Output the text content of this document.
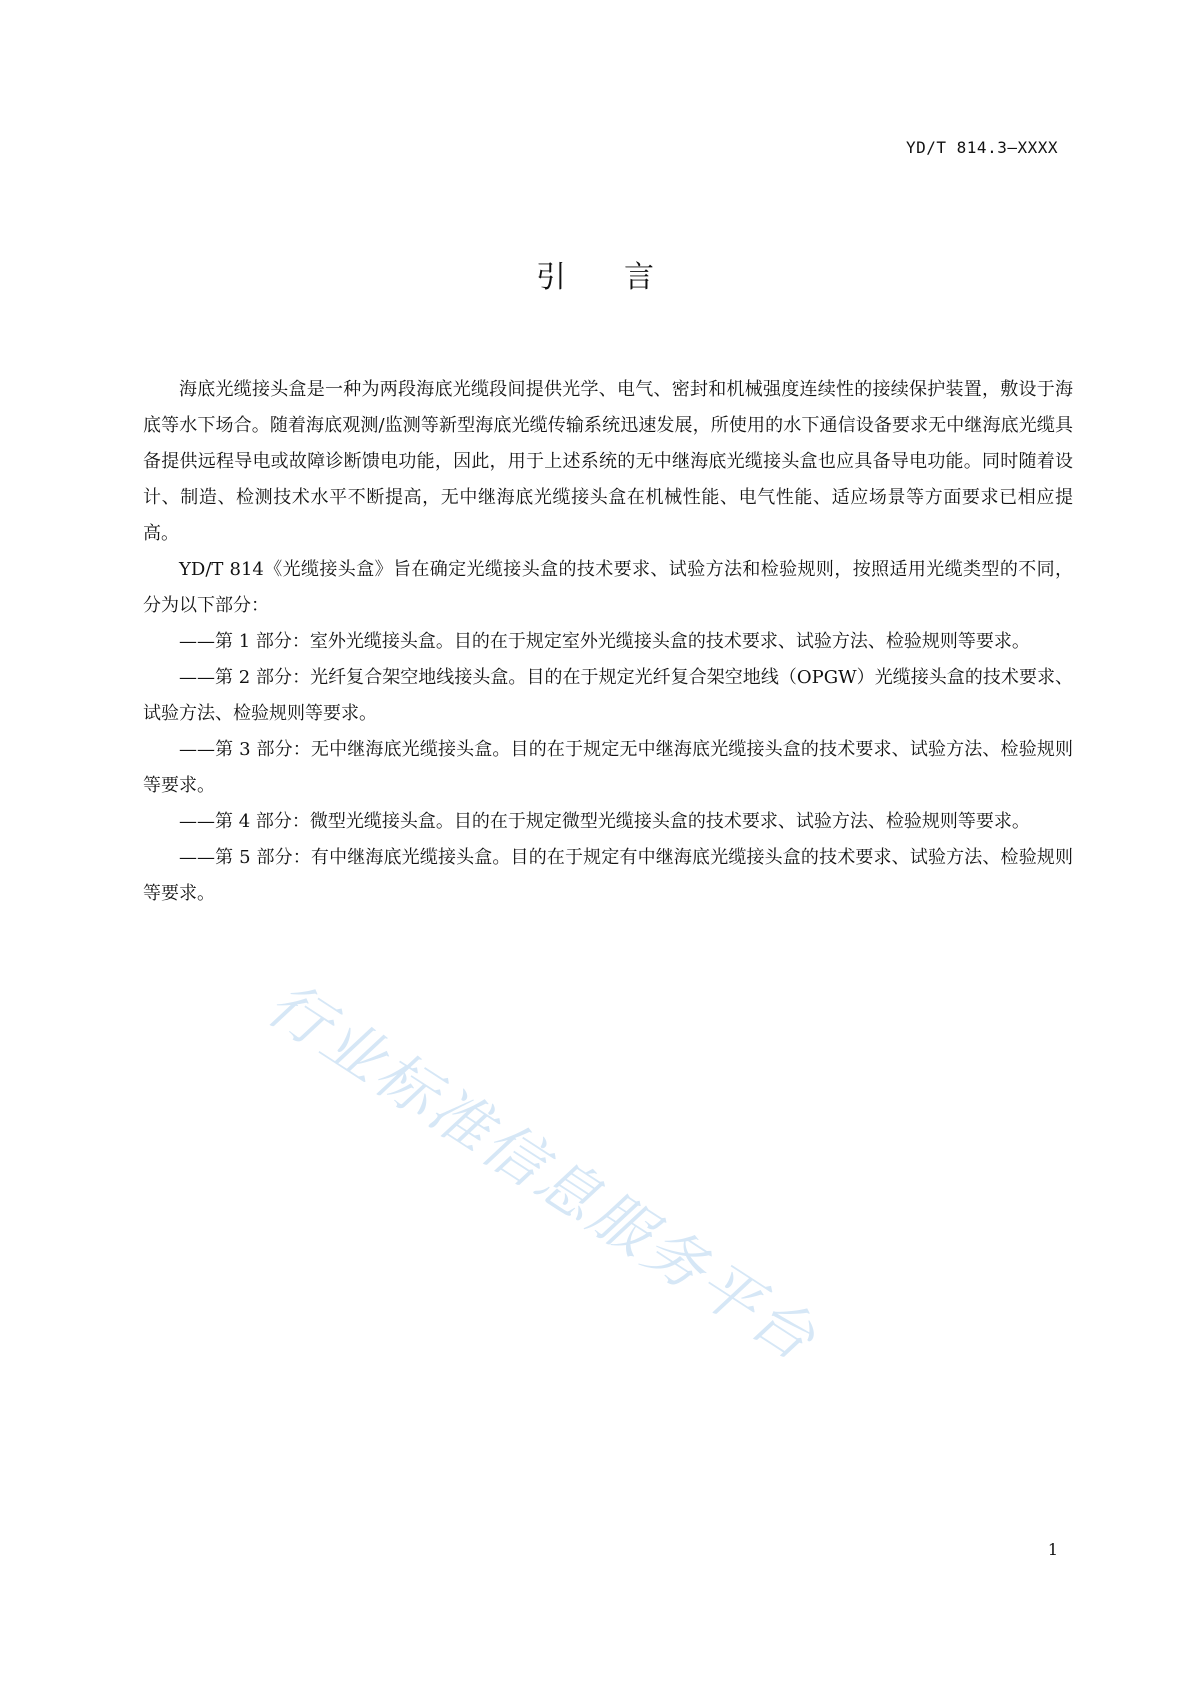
YD/T 814.3—XXXX
引言

海底光缆接头盒是一种为两段海底光缆段间提供光学、电气、密封和机械强度连续性的接续保护装置，敷设于海底等水下场合。随着海底观测/监测等新型海底光缆传输系统迅速发展，所使用的水下通信设备要求无中继海底光缆具备提供远程导电或故障诊断馈电功能，因此，用于上述系统的无中继海底光缆接头盒也应具备导电功能。同时随着设计、制造、检测技术水平不断提高，无中继海底光缆接头盒在机械性能、电气性能、适应场景等方面要求已相应提高。

YD/T 814《光缆接头盒》旨在确定光缆接头盒的技术要求、试验方法和检验规则，按照适用光缆类型的不同，分为以下部分：

——第 1 部分：室外光缆接头盒。目的在于规定室外光缆接头盒的技术要求、试验方法、检验规则等要求。

——第 2 部分：光纤复合架空地线接头盒。目的在于规定光纤复合架空地线（OPGW）光缆接头盒的技术要求、试验方法、检验规则等要求。

——第 3 部分：无中继海底光缆接头盒。目的在于规定无中继海底光缆接头盒的技术要求、试验方法、检验规则等要求。

——第 4 部分：微型光缆接头盒。目的在于规定微型光缆接头盒的技术要求、试验方法、检验规则等要求。

——第 5 部分：有中继海底光缆接头盒。目的在于规定有中继海底光缆接头盒的技术要求、试验方法、检验规则等要求。

行业标准信息服务平台
1
